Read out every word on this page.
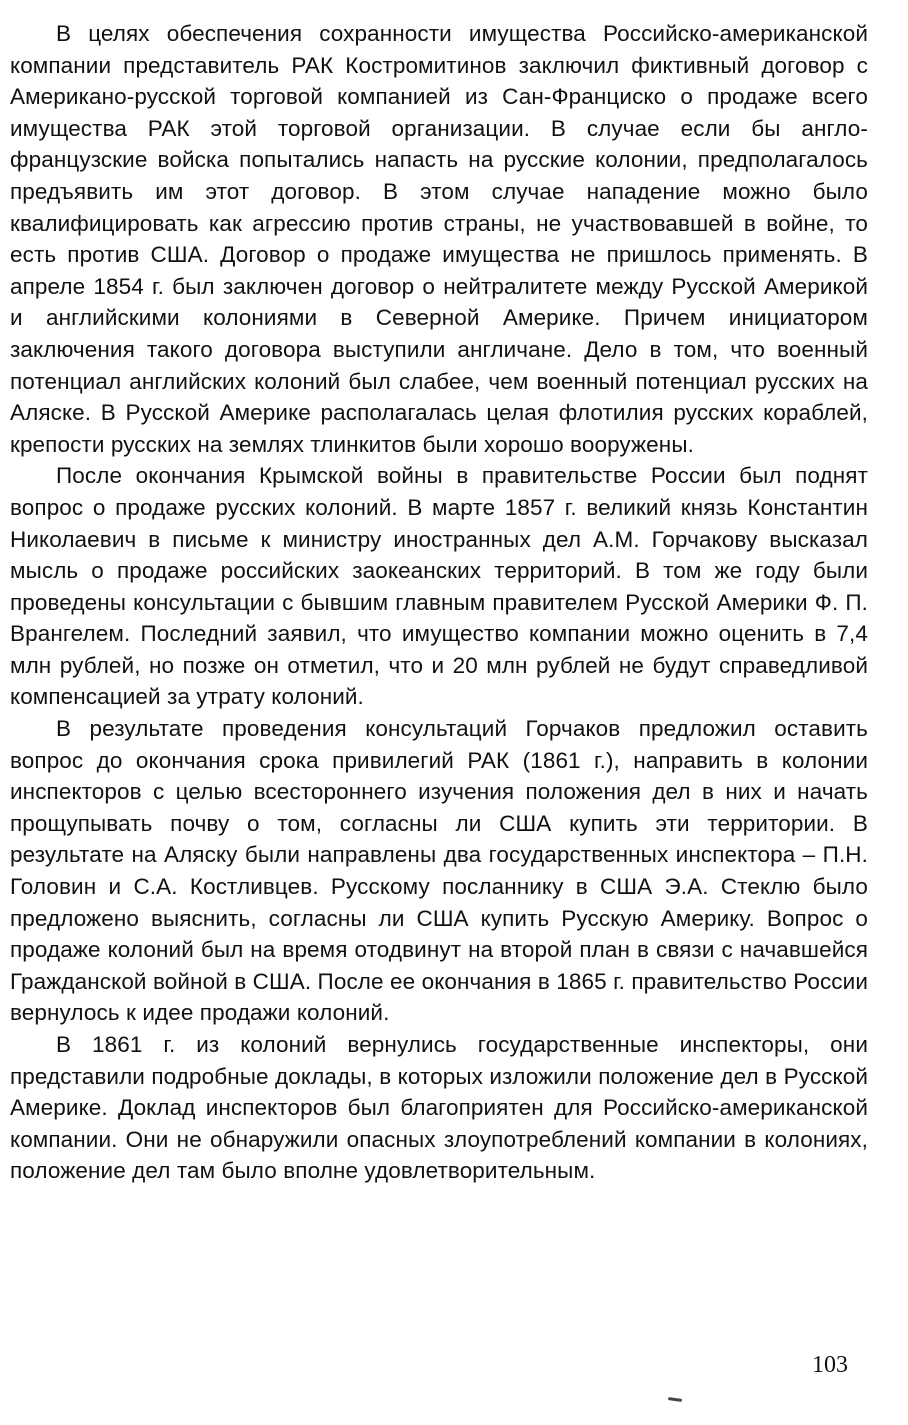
В целях обеспечения сохранности имущества Российско-американской компании представитель РАК Костромитинов заключил фиктивный договор с Американо-русской торговой компанией из Сан-Франциско о продаже всего имущества РАК этой торговой организации. В случае если бы англо-французские войска попытались напасть на русские колонии, предполагалось предъявить им этот договор. В этом случае нападение можно было квалифицировать как агрессию против страны, не участвовавшей в войне, то есть против США. Договор о продаже имущества не пришлось применять. В апреле 1854 г. был заключен договор о нейтралитете между Русской Америкой и английскими колониями в Северной Америке. Причем инициатором заключения такого договора выступили англичане. Дело в том, что военный потенциал английских колоний был слабее, чем военный потенциал русских на Аляске. В Русской Америке располагалась целая флотилия русских кораблей, крепости русских на землях тлинкитов были хорошо вооружены.

После окончания Крымской войны в правительстве России был поднят вопрос о продаже русских колоний. В марте 1857 г. великий князь Константин Николаевич в письме к министру иностранных дел А.М. Горчакову высказал мысль о продаже российских заокеанских территорий. В том же году были проведены консультации с бывшим главным правителем Русской Америки Ф. П. Врангелем. Последний заявил, что имущество компании можно оценить в 7,4 млн рублей, но позже он отметил, что и 20 млн рублей не будут справедливой компенсацией за утрату колоний.

В результате проведения консультаций Горчаков предложил оставить вопрос до окончания срока привилегий РАК (1861 г.), направить в колонии инспекторов с целью всестороннего изучения положения дел в них и начать прощупывать почву о том, согласны ли США купить эти территории. В результате на Аляску были направлены два государственных инспектора – П.Н. Головин и С.А. Костливцев. Русскому посланнику в США Э.А. Стеклю было предложено выяснить, согласны ли США купить Русскую Америку. Вопрос о продаже колоний был на время отодвинут на второй план в связи с начавшейся Гражданской войной в США. После ее окончания в 1865 г. правительство России вернулось к идее продажи колоний.

В 1861 г. из колоний вернулись государственные инспекторы, они представили подробные доклады, в которых изложили положение дел в Русской Америке. Доклад инспекторов был благоприятен для Российско-американской компании. Они не обнаружили опасных злоупотреблений компании в колониях, положение дел там было вполне удовлетворительным.

103
